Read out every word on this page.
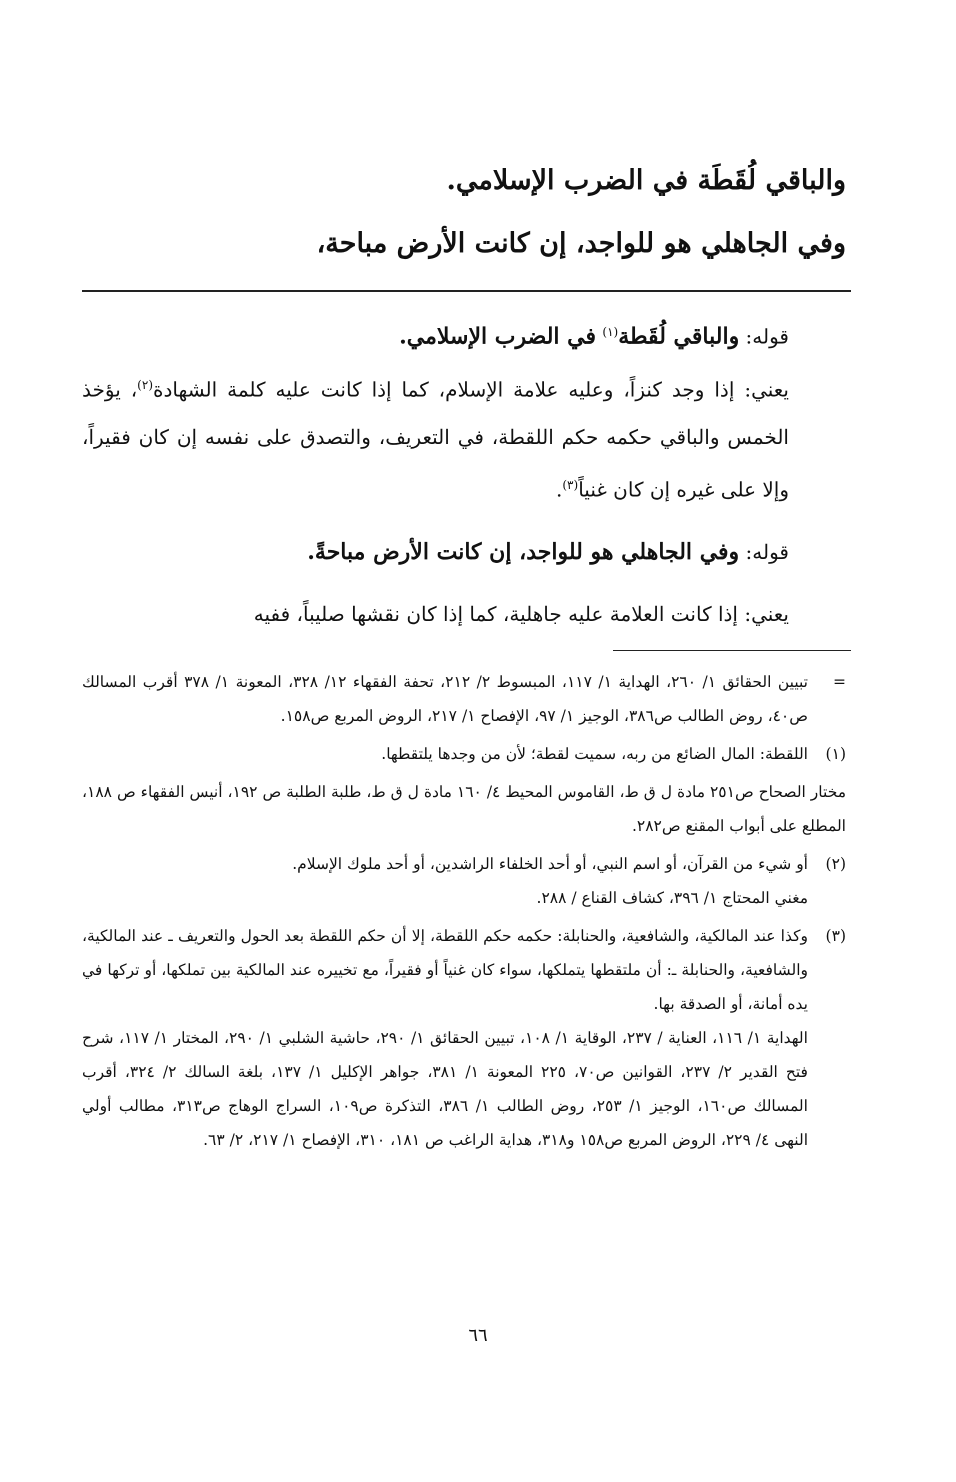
والباقي لُقَطَة في الضرب الإسلامي.
وفي الجاهلي هو للواجد، إن كانت الأرض مباحة،

قوله: والباقي لُقَطة$^{(١)}$ في الضرب الإسلامي.

يعني: إذا وجد كنزاً، وعليه علامة الإسلام، كما إذا كانت عليه كلمة الشهادة$^{(٢)}$، يؤخذ الخمس والباقي حكمه حكم اللقطة، في التعريف، والتصدق على نفسه إن كان فقيراً، وإلا على غيره إن كان غنياً$^{(٣)}$.

قوله: وفي الجاهلي هو للواجد، إن كانت الأرض مباحةً.

يعني: إذا كانت العلامة عليه جاهلية، كما إذا كان نقشها صليباً، ففيه

=

تبيين الحقائق ١/ ٢٦٠، الهداية ١/ ١١٧، المبسوط ٢/ ٢١٢، تحفة الفقهاء ١٢/ ٣٢٨، المعونة ١/ ٣٧٨ أقرب المسالك ص٤٠، روض الطالب ص٣٨٦، الوجيز ١/ ٩٧، الإفصاح ١/ ٢١٧، الروض المربع ص١٥٨.

(١)

اللقطة: المال الضائع من ربه، سميت لقطة؛ لأن من وجدها يلتقطها.

مختار الصحاح ص٢٥١ مادة ل ق ط، القاموس المحيط ٤/ ١٦٠ مادة ل ق ط، طلبة الطلبة ص ١٩٢، أنيس الفقهاء ص ١٨٨، المطلع على أبواب المقنع ص٢٨٢.

(٢)

أو شيء من القرآن، أو اسم النبي، أو أحد الخلفاء الراشدين، أو أحد ملوك الإسلام.

مغني المحتاج ١/ ٣٩٦، كشاف القناع / ٢٨٨.

(٣)

وكذا عند المالكية، والشافعية، والحنابلة: حكمه حكم اللقطة، إلا أن حكم اللقطة بعد الحول والتعريف ـ عند المالكية، والشافعية، والحنابلة ـ: أن ملتقطها يتملكها، سواء كان غنياً أو فقيراً، مع تخييره عند المالكية بين تملكها، أو تركها في يده أمانة، أو الصدقة بها.

الهداية ١/ ١١٦، العناية / ٢٣٧، الوقاية ١/ ١٠٨، تبيين الحقائق ١/ ٢٩٠، حاشية الشلبي ١/ ٢٩٠، المختار ١/ ١١٧، شرح فتح القدير ٢/ ٢٣٧، القوانين ص٧٠، ٢٢٥ المعونة ١/ ٣٨١، جواهر الإكليل ١/ ١٣٧، بلغة السالك ٢/ ٣٢٤، أقرب المسالك ص١٦٠، الوجيز ١/ ٢٥٣، روض الطالب ١/ ٣٨٦، التذكرة ص١٠٩، السراج الوهاج ص٣١٣، مطالب أولي النهى ٤/ ٢٢٩، الروض المربع ص١٥٨ و٣١٨، هداية الراغب ص ١٨١، ٣١٠، الإفصاح ١/ ٢١٧، ٢/ ٦٣.

٦٦
